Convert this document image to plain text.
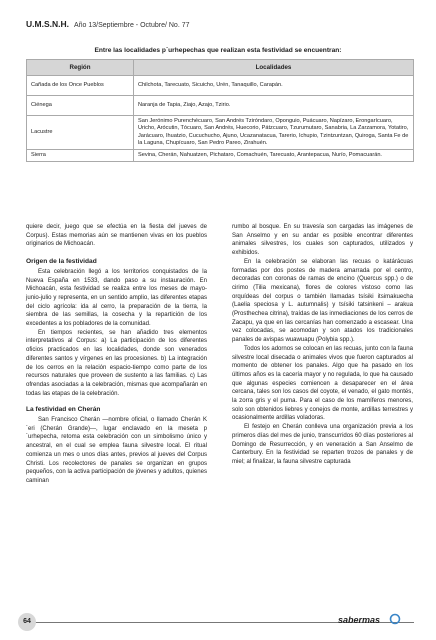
U.M.S.N.H. Año 13/Septiembre - Octubre/ No. 77
Entre las localidades p´urhepechas que realizan esta festividad se encuentran:
Región	Localidades
Cañada de los Once Pueblos	Chilchota, Tarecuato, Sicuicho, Urén, Tanaquillo, Carapán.
Ciénega	Naranja de Tapia, Ziajo, Azajo, Tzirio.
Lacustre	San Jerónimo Purenchécuaro, San Andrés Tziróndaro, Oponguio, Puácuaro, Napízaro, Erongarícuaro, Uricho, Arócutin, Tócuaro, San Andrés, Huecorio, Pátzcuaro, Tzurumutaro, Sanabria, La Zarzamora, Yotatiro, Jarácuaro, Ihuatzio, Cucuchucho, Ajuno, Ucazanatacua, Tarerio, Ichupio, Tzintzuntzan, Quiroga, Santa Fe de la Laguna, Chupícuaro, San Pedro Pareo, Zirahuén.
Sierra	Sevina, Cherán, Nahuatzen, Pichataro, Comachuén, Tarecuato, Arantepacua, Nurío, Pomacuarán.

quiere decir, juego que se efectúa en la fiesta del jueves de Corpus). Estas memorias aún se mantienen vivas en los pueblos originarios de Michoacán.

Origen de la festividad

Esta celebración llegó a los territorios conquistados de la Nueva España en 1533, dando paso a su instauración. En Michoacán, esta festividad se realiza entre los meses de mayo-junio-julio y representa, en un sentido amplio, las diferentes etapas del ciclo agrícola: ida al cerro, la preparación de la tierra, la siembra de las semillas, la cosecha y la repartición de los excedentes a los pobladores de la comunidad.

En tiempos recientes, se han añadido tres elementos interpretativos al Corpus: a) La participación de los diferentes oficios practicados en las localidades, donde son venerados diferentes santos y vírgenes en las procesiones. b) La integración de los cerros en la relación espacio-tiempo como parte de los recursos naturales que proveen de sustento a las familias. c) Las ofrendas asociadas a la celebración, mismas que acompañarán en todas las etapas de la celebración.

La festividad en Cherán

San Francisco Cherán —nombre oficial, o llamado Cherán K´eri (Cherán Grande)—, lugar enclavado en la meseta p´urhepecha, retoma esta celebración con un simbolismo único y ancestral, en el cual se emplea fauna silvestre local. El ritual comienza un mes o unos días antes, previos al jueves del Corpus Christi. Los recolectores de panales se organizan en grupos pequeños, con la activa participación de jóvenes y adultos, quienes caminan

rumbo al bosque. En su travesía son cargadas las imágenes de San Anselmo y en su andar es posible encontrar diferentes animales silvestres, los cuales son capturados, utilizados y exhibidos.

En la celebración se elaboran las recuas o katárácuas formadas por dos postes de madera amarrada por el centro, decoradas con coronas de ramas de encino (Quercus spp.) o de cirimo (Tilia mexicana), flores de colores vistoso como las orquídeas del corpus o también llamadas tsísiki itsimakuecha (Laelia speciosa y L. autumnalis) y tsísiki tatsinkeni – arakua (Prosthechea citrina), traídas de las inmediaciones de los cerros de Zacapu, ya que en las cercanías han comenzado a escasear. Una vez colocadas, se acomodan y son atados los tradicionales panales de avispas wuawuapu (Polybia spp.).

Todos los adornos se colocan en las recuas, junto con la fauna silvestre local disecada o animales vivos que fueron capturados al momento de obtener los panales. Algo que ha pasado en los últimos años es la cacería mayor y no regulada, lo que ha causado que algunas especies comiencen a desaparecer en el área cercana, tales son los casos del coyote, el venado, el gato montés, la zorra gris y el puma. Para el caso de los mamíferos menores, solo son obtenidos liebres y conejos de monte, ardillas terrestres y ocasionalmente ardillas voladoras.

El festejo en Cherán conlleva una organización previa a los primeros días del mes de junio, transcurridos 60 días posteriores al Domingo de Resurrección, y en veneración a San Anselmo de Canterbury. En la festividad se reparten trozos de panales y de miel; al finalizar, la fauna silvestre capturada

64	sabermas
